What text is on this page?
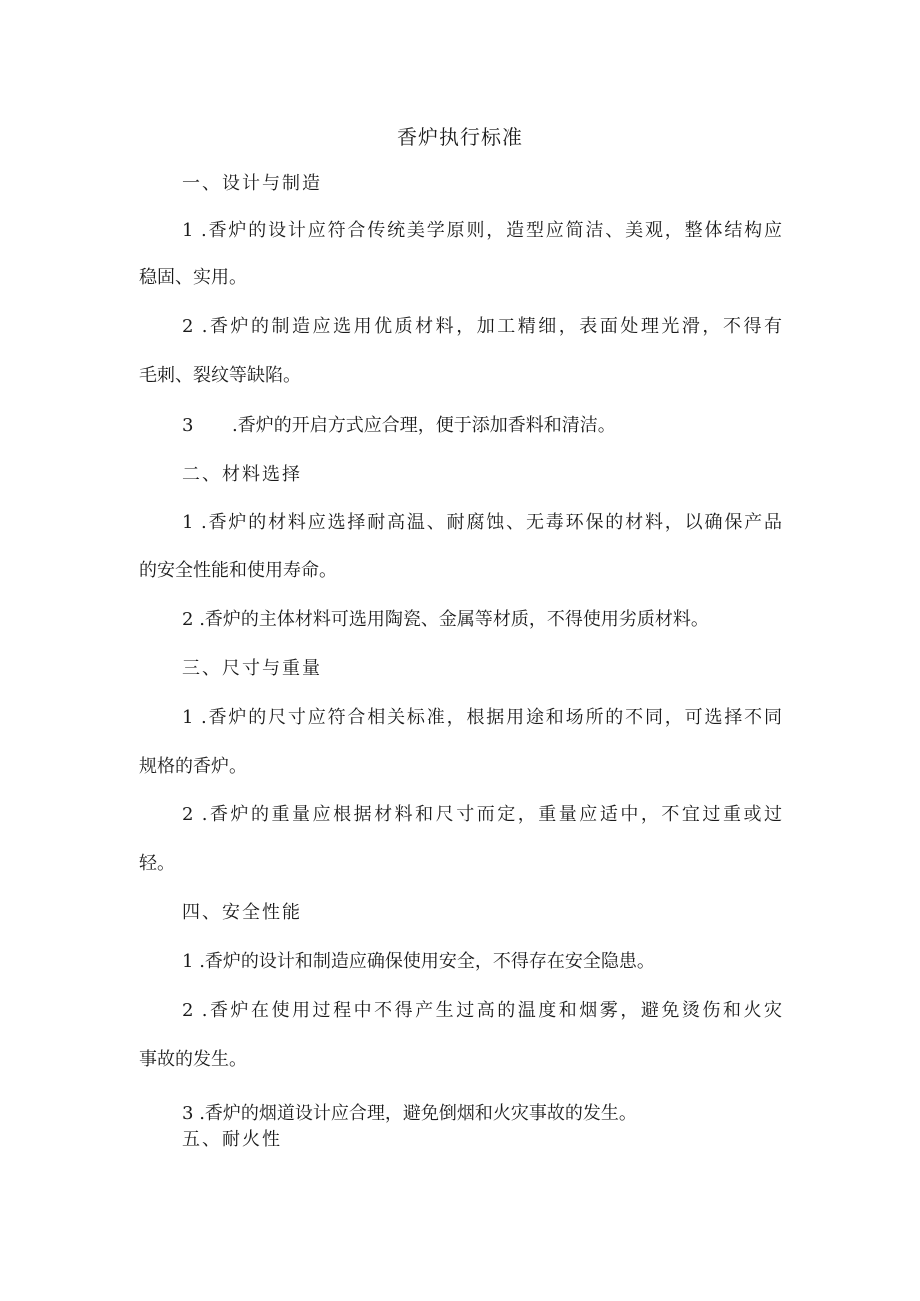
香炉执行标准
一、设计与制造
1 .香炉的设计应符合传统美学原则，造型应简洁、美观，整体结构应
稳固、实用。
2 .香炉的制造应选用优质材料，加工精细，表面处理光滑，不得有
毛刺、裂纹等缺陷。
3 .香炉的开启方式应合理，便于添加香料和清洁。
二、材料选择
1 .香炉的材料应选择耐高温、耐腐蚀、无毒环保的材料，以确保产品
的安全性能和使用寿命。
2 .香炉的主体材料可选用陶瓷、金属等材质，不得使用劣质材料。
三、尺寸与重量
1 .香炉的尺寸应符合相关标准，根据用途和场所的不同，可选择不同
规格的香炉。
2 .香炉的重量应根据材料和尺寸而定，重量应适中，不宜过重或过
轻。
四、安全性能
1 .香炉的设计和制造应确保使用安全，不得存在安全隐患。
2 .香炉在使用过程中不得产生过高的温度和烟雾，避免烫伤和火灾
事故的发生。
3 .香炉的烟道设计应合理，避免倒烟和火灾事故的发生。
五、耐火性
